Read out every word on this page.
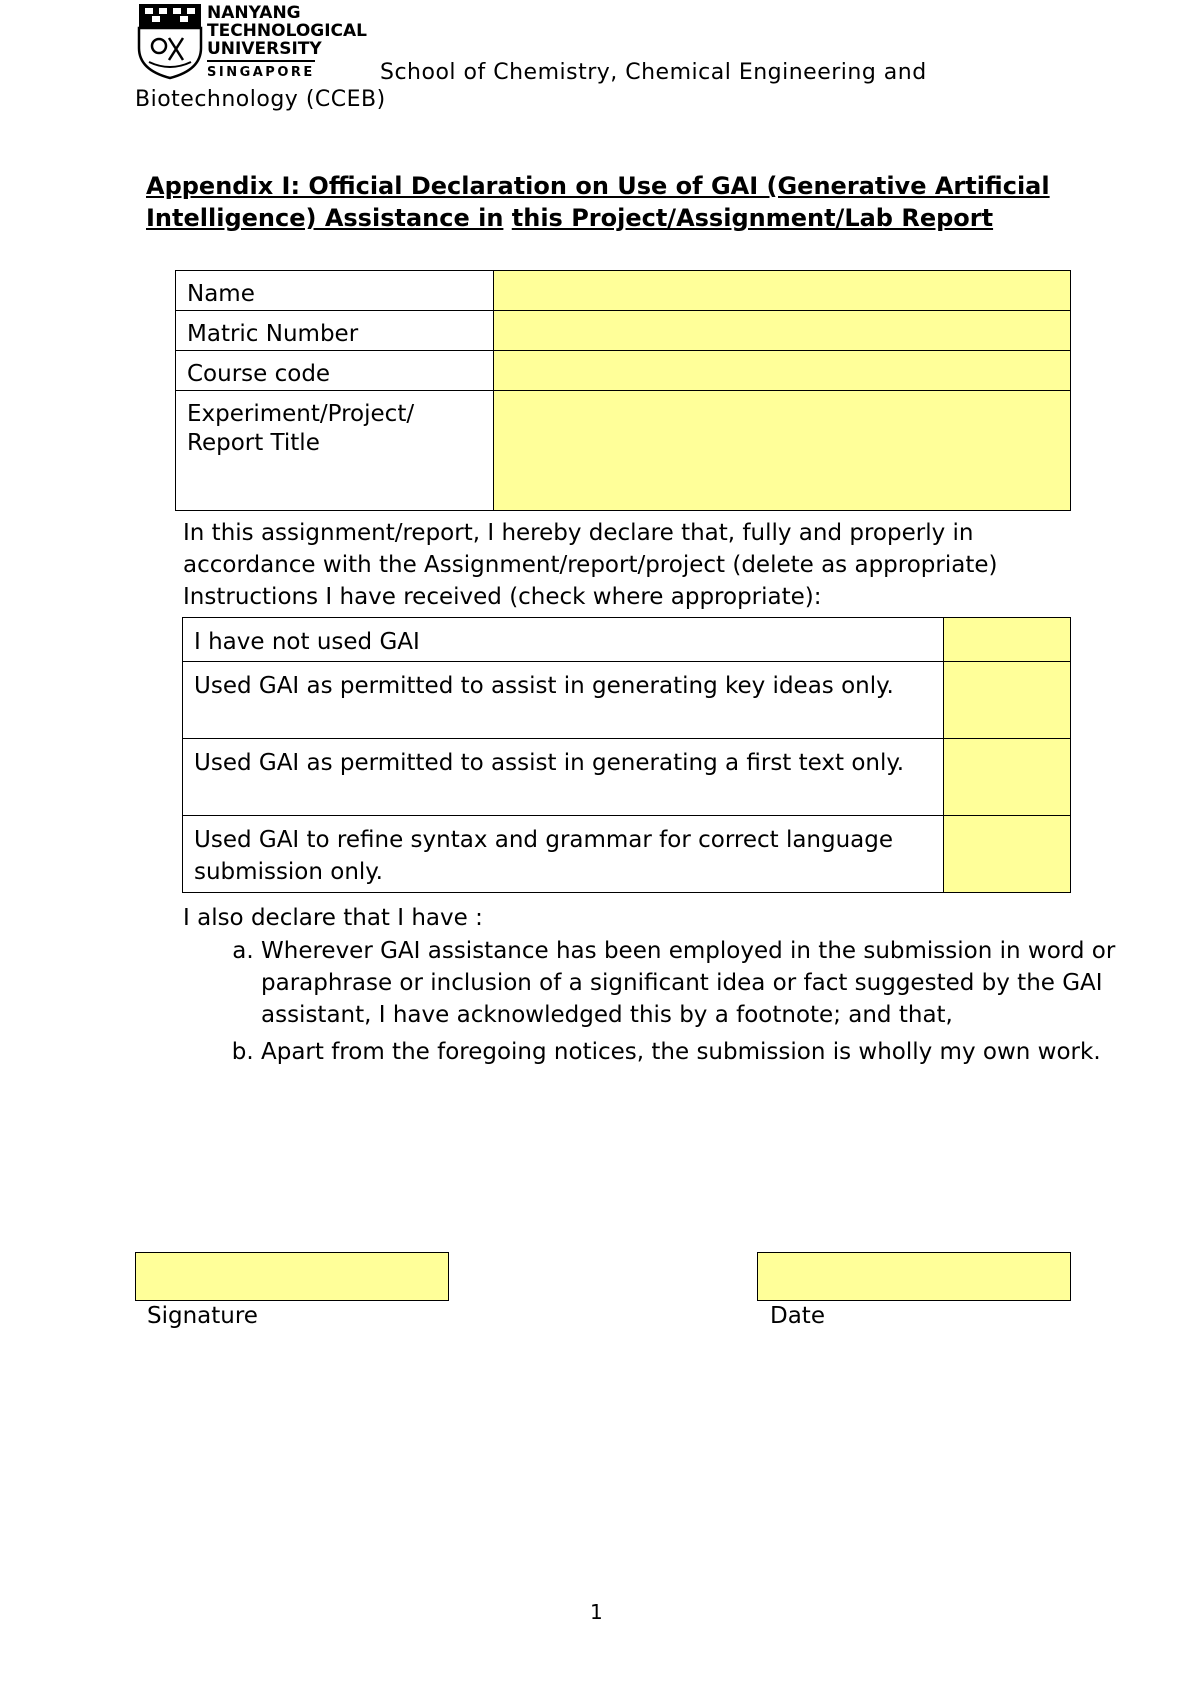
NANYANG
TECHNOLOGICAL
UNIVERSITY
SINGAPORE	School of Chemistry, Chemical Engineering and
Biotechnology (CCEB)
Appendix I: Official Declaration on Use of GAI (Generative Artificial Intelligence) Assistance in this Project/Assignment/Lab Report
Name	
Matric Number	
Course code	
Experiment/Project/ Report Title	
In this assignment/report, I hereby declare that, fully and properly in accordance with the Assignment/report/project (delete as appropriate) Instructions I have received (check where appropriate):
I have not used GAI	
Used GAI as permitted to assist in generating key ideas only.	
Used GAI as permitted to assist in generating a first text only.	
Used GAI to refine syntax and grammar for correct language submission only.	
I also declare that I have :
a. Wherever GAI assistance has been employed in the submission in word or paraphrase or inclusion of a significant idea or fact suggested by the GAI assistant, I have acknowledged this by a footnote; and that,
b. Apart from the foregoing notices, the submission is wholly my own work.
Signature	Date
1
